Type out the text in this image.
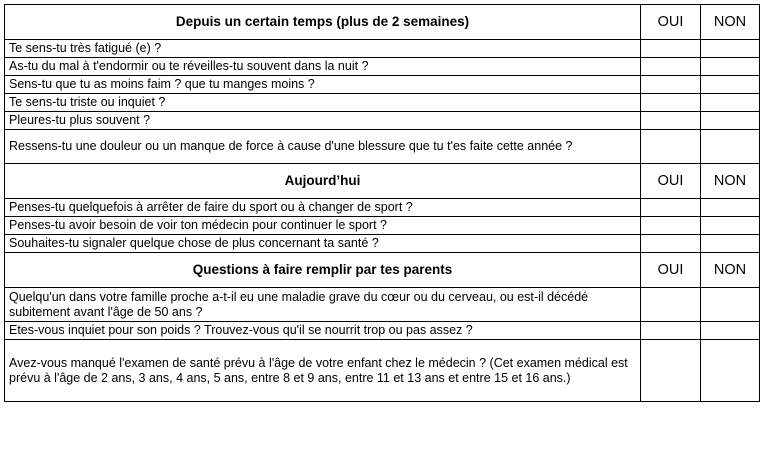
Depuis un certain temps (plus de 2 semaines)	OUI	NON
Te sens-tu très fatigué (e) ?		
As-tu du mal à t'endormir ou te réveilles-tu souvent dans la nuit ?		
Sens-tu que tu as moins faim ? que tu manges moins ?		
Te sens-tu triste ou inquiet ?		
Pleures-tu plus souvent ?		
Ressens-tu une douleur ou un manque de force à cause d'une blessure que tu t'es faite cette année ?		
Aujourd’hui	OUI	NON
Penses-tu quelquefois à arrêter de faire du sport ou à changer de sport ?		
Penses-tu avoir besoin de voir ton médecin pour continuer le sport ?		
Souhaites-tu signaler quelque chose de plus concernant ta santé ?		
Questions à faire remplir par tes parents	OUI	NON
Quelqu'un dans votre famille proche a-t-il eu une maladie grave du cœur ou du cerveau, ou est-il décédé subitement avant l'âge de 50 ans ?		
Etes-vous inquiet pour son poids ? Trouvez-vous qu'il se nourrit trop ou pas assez ?		
Avez-vous manqué l'examen de santé prévu à l'âge de votre enfant chez le médecin ? (Cet examen médical est prévu à l'âge de 2 ans, 3 ans, 4 ans, 5 ans, entre 8 et 9 ans, entre 11 et 13 ans et entre 15 et 16 ans.)		
